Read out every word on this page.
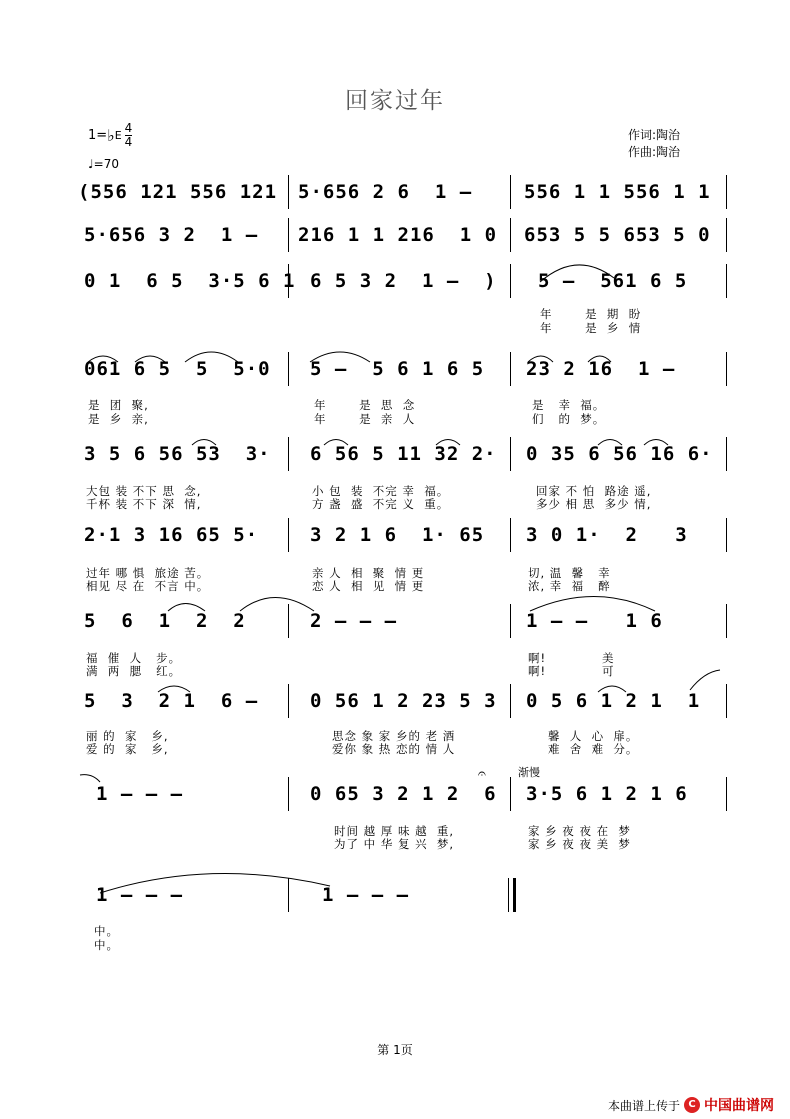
回家过年
1= ♭ E $\frac{4}{4}$
♩=70
作词:陶治
作曲:陶治
(556 121 556 121 5·656 2 6  1 –	556 1 1 556 1 1
5·656 3 2  1 – 216 1 1 216  1 0 653 5 5 653 5 0
0 1  6 5  3·5 6 1 6 5 3 2  1 –  ) 5 –  561 6 5
年       是  期  盼
年       是  乡  情
061 6 5  5  5·0 5 –  5 6 1 6 5 23 2 16  1 –
是  团  聚,	年       是  思  念	是   幸  福。
是  乡  亲,	年       是  亲  人	们   的  梦。
3 5 6 56 53  3· 6 56 5 11 32 2· 0 35 6 56 16 6·
大包 装 不下 思  念,	小 包  装  不完 幸  福。	回家 不 怕  路途 遥,
千杯 装 不下 深  情,	方 盏  盛  不完 义  重。	多少 相 思  多少 情,
2·1 3 16 65 5·	3 2 1 6  1· 65 3 0 1·  2   3
过年 哪 惧  旅途 苦。	亲 人  相  聚  情 更	切, 温  馨   幸
相见 尽 在  不言 中。	恋 人  相  见  情 更	浓, 幸  福   醉
5  6  1  2  2	2 – – –	1 – –   1 6
福  催  人   步。	啊!            美
满  两  腮   红。	啊!            可
5  3  2 1  6 –	0 56 1 2 23 5 3 0 5 6 1 2 1  1
丽 的  家   乡,	思念 象 家 乡的 老 酒	馨  人  心  扉。
爱 的  家   乡,	爱你 象 热 恋的 情 人	难  舍  难  分。
渐慢
𝄐
1 – – –	0 65 3 2 1 2  6 3·5 6 1 2 1 6
时间 越 厚 味 越  重,	家 乡 夜 夜 在  梦
为了 中 华 复 兴  梦,	家 乡 夜 夜 美  梦
1 – – –	1 – – –
中。
中。
第 1页
本曲谱上传于 C 中国曲谱网
